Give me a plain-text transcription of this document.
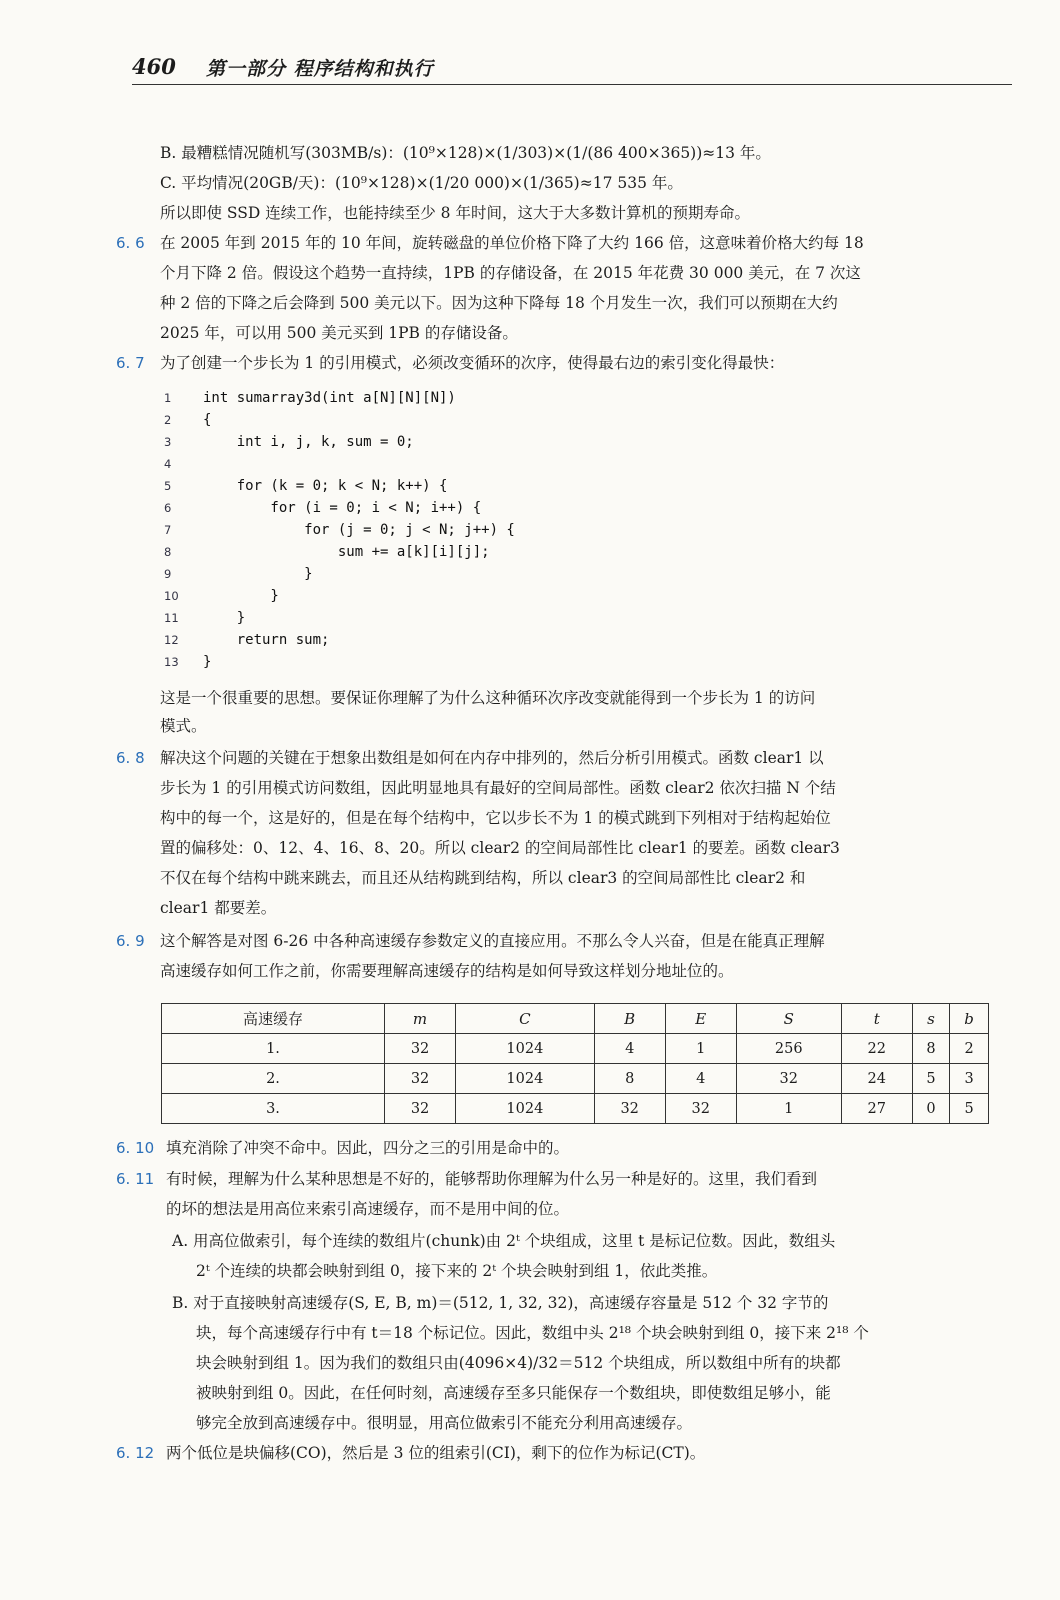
460 第一部分 程序结构和执行
B. 最糟糕情况随机写(303MB/s)：(10⁹×128)×(1/303)×(1/(86 400×365))≈13 年。
C. 平均情况(20GB/天)：(10⁹×128)×(1/20 000)×(1/365)≈17 535 年。
所以即使 SSD 连续工作，也能持续至少 8 年时间，这大于大多数计算机的预期寿命。
6. 6 在 2005 年到 2015 年的 10 年间，旋转磁盘的单位价格下降了大约 166 倍，这意味着价格大约每 18
个月下降 2 倍。假设这个趋势一直持续，1PB 的存储设备，在 2015 年花费 30 000 美元，在 7 次这
种 2 倍的下降之后会降到 500 美元以下。因为这种下降每 18 个月发生一次，我们可以预期在大约
2025 年，可以用 500 美元买到 1PB 的存储设备。
6. 7 为了创建一个步长为 1 的引用模式，必须改变循环的次序，使得最右边的索引变化得最快：
1	int sumarray3d(int a[N][N][N])
2	{
3	int i, j, k, sum = 0;
4
5	for (k = 0; k < N; k++) {
6	for (i = 0; i < N; i++) {
7	for (j = 0; j < N; j++) {
8	sum += a[k][i][j];
9	}
10	}
11	}
12	return sum;
13	}
这是一个很重要的思想。要保证你理解了为什么这种循环次序改变就能得到一个步长为 1 的访问
模式。
6. 8 解决这个问题的关键在于想象出数组是如何在内存中排列的，然后分析引用模式。函数 clear1 以
步长为 1 的引用模式访问数组，因此明显地具有最好的空间局部性。函数 clear2 依次扫描 N 个结
构中的每一个，这是好的，但是在每个结构中，它以步长不为 1 的模式跳到下列相对于结构起始位
置的偏移处：0、12、4、16、8、20。所以 clear2 的空间局部性比 clear1 的要差。函数 clear3
不仅在每个结构中跳来跳去，而且还从结构跳到结构，所以 clear3 的空间局部性比 clear2 和
clear1 都要差。
6. 9 这个解答是对图 6-26 中各种高速缓存参数定义的直接应用。不那么令人兴奋，但是在能真正理解
高速缓存如何工作之前，你需要理解高速缓存的结构是如何导致这样划分地址位的。
高速缓存	m	C	B	E	S	t	s	b
1.	32	1024	4	1	256	22	8	2
2.	32	1024	8	4	32	24	5	3
3.	32	1024	32	32	1	27	0	5
6. 10 填充消除了冲突不命中。因此，四分之三的引用是命中的。
6. 11 有时候，理解为什么某种思想是不好的，能够帮助你理解为什么另一种是好的。这里，我们看到
的坏的想法是用高位来索引高速缓存，而不是用中间的位。
A. 用高位做索引，每个连续的数组片(chunk)由 2ᵗ 个块组成，这里 t 是标记位数。因此，数组头
2ᵗ 个连续的块都会映射到组 0，接下来的 2ᵗ 个块会映射到组 1，依此类推。
B. 对于直接映射高速缓存(S, E, B, m)＝(512, 1, 32, 32)，高速缓存容量是 512 个 32 字节的
块，每个高速缓存行中有 t＝18 个标记位。因此，数组中头 2¹⁸ 个块会映射到组 0，接下来 2¹⁸ 个
块会映射到组 1。因为我们的数组只由(4096×4)/32＝512 个块组成，所以数组中所有的块都
被映射到组 0。因此，在任何时刻，高速缓存至多只能保存一个数组块，即使数组足够小，能
够完全放到高速缓存中。很明显，用高位做索引不能充分利用高速缓存。
6. 12 两个低位是块偏移(CO)，然后是 3 位的组索引(CI)，剩下的位作为标记(CT)。
